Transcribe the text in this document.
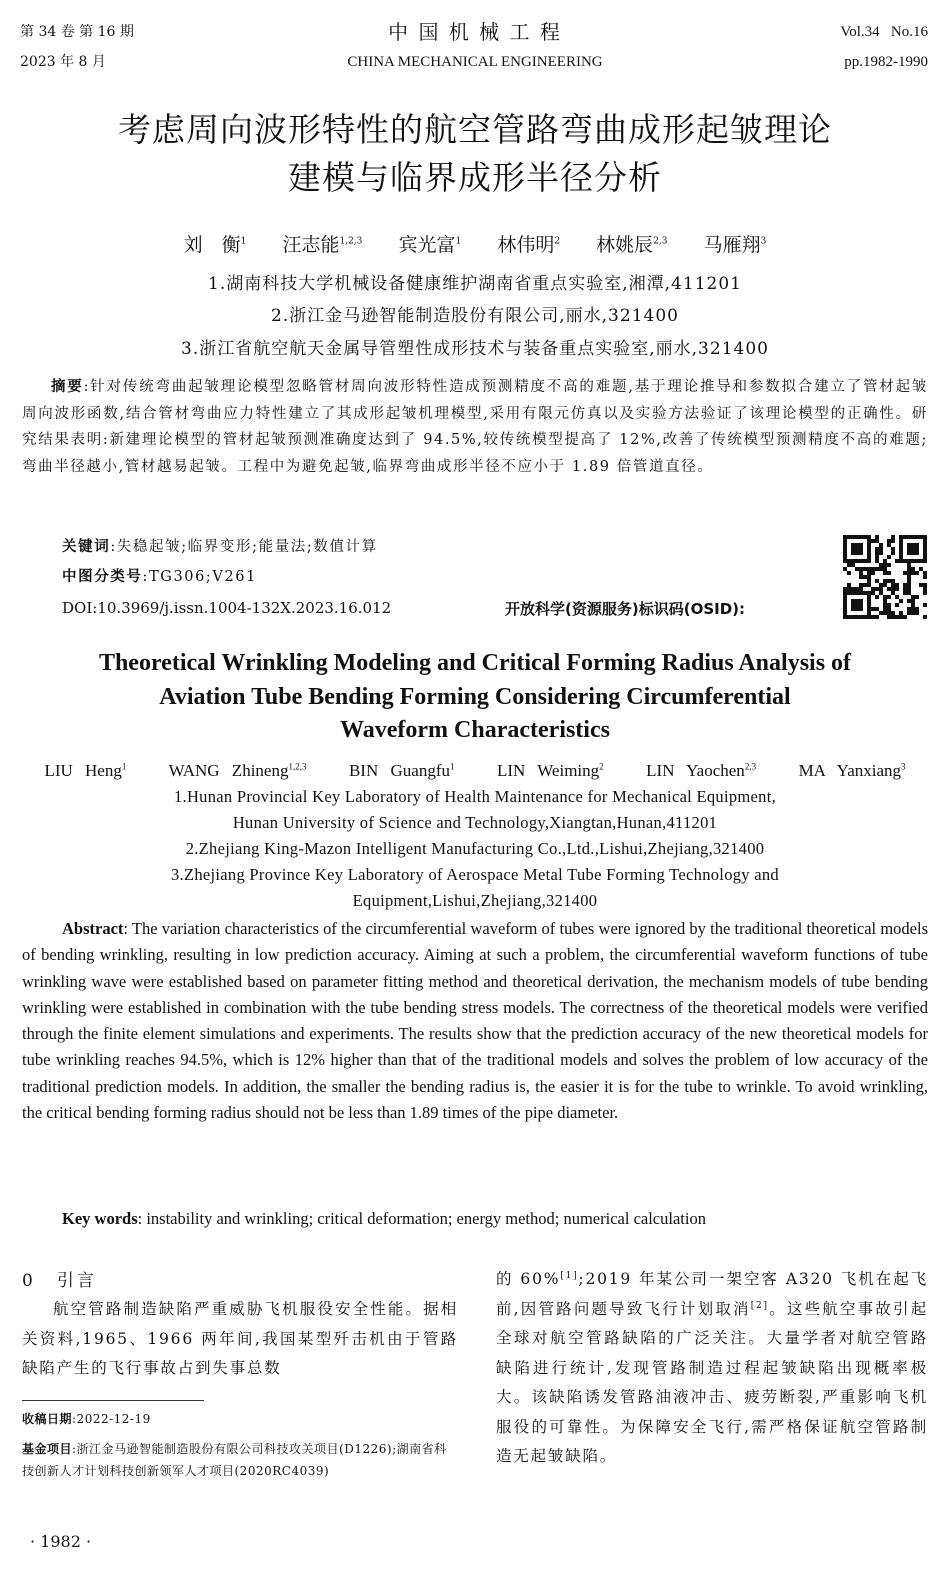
第 34 卷 第 16 期
2023 年 8 月
中 国 机 械 工 程
CHINA MECHANICAL ENGINEERING
Vol.34   No.16
pp.1982-1990
考虑周向波形特性的航空管路弯曲成形起皱理论
建模与临界成形半径分析
刘　衡$^1$ 汪志能$^{1,2,3}$ 宾光富$^1$ 林伟明$^2$ 林姚辰$^{2,3}$ 马雁翔$^3$
1.湖南科技大学机械设备健康维护湖南省重点实验室,湘潭,411201
2.浙江金马逊智能制造股份有限公司,丽水,321400
3.浙江省航空航天金属导管塑性成形技术与装备重点实验室,丽水,321400
摘要:针对传统弯曲起皱理论模型忽略管材周向波形特性造成预测精度不高的难题,基于理论推导和参数拟合建立了管材起皱周向波形函数,结合管材弯曲应力特性建立了其成形起皱机理模型,采用有限元仿真以及实验方法验证了该理论模型的正确性。研究结果表明:新建理论模型的管材起皱预测准确度达到了 94.5%,较传统模型提高了 12%,改善了传统模型预测精度不高的难题;弯曲半径越小,管材越易起皱。工程中为避免起皱,临界弯曲成形半径不应小于 1.89 倍管道直径。
关键词:失稳起皱;临界变形;能量法;数值计算
中图分类号:TG306;V261
DOI:10.3969/j.issn.1004-132X.2023.16.012	开放科学(资源服务)标识码(OSID):
Theoretical Wrinkling Modeling and Critical Forming Radius Analysis of
Aviation Tube Bending Forming Considering Circumferential
Waveform Characteristics
LIU Heng$^1$ WANG Zhineng$^{1,2,3}$	BIN Guangfu$^1$	LIN Weiming$^2$	LIN Yaochen$^{2,3}$	MA Yanxiang$^3$
1.Hunan Provincial Key Laboratory of Health Maintenance for Mechanical Equipment,
Hunan University of Science and Technology,Xiangtan,Hunan,411201
2.Zhejiang King-Mazon Intelligent Manufacturing Co.,Ltd.,Lishui,Zhejiang,321400
3.Zhejiang Province Key Laboratory of Aerospace Metal Tube Forming Technology and
Equipment,Lishui,Zhejiang,321400
Abstract: The variation characteristics of the circumferential waveform of tubes were ignored by the traditional theoretical models of bending wrinkling, resulting in low prediction accuracy. Aiming at such a problem, the circumferential waveform functions of tube wrinkling wave were established based on parameter fitting method and theoretical derivation, the mechanism models of tube bending wrinkling were established in combination with the tube bending stress models. The correctness of the theoretical models were verified through the finite element simulations and experiments. The results show that the prediction accuracy of the new theoretical models for tube wrinkling reaches 94.5%, which is 12% higher than that of the traditional models and solves the problem of low accuracy of the traditional prediction models. In addition, the smaller the bending radius is, the easier it is for the tube to wrinkle. To avoid wrinkling, the critical bending forming radius should not be less than 1.89 times of the pipe diameter.
Key words: instability and wrinkling; critical deformation; energy method; numerical calculation
0 引言
航空管路制造缺陷严重威胁飞机服役安全性能。据相关资料,1965、1966 两年间,我国某型歼击机由于管路缺陷产生的飞行事故占到失事总数
收稿日期:2022-12-19
基金项目:浙江金马逊智能制造股份有限公司科技攻关项目(D1226);湖南省科技创新人才计划科技创新领军人才项目(2020RC4039)
的 60%[1];2019 年某公司一架空客 A320 飞机在起飞前,因管路问题导致飞行计划取消[2]。这些航空事故引起全球对航空管路缺陷的广泛关注。大量学者对航空管路缺陷进行统计,发现管路制造过程起皱缺陷出现概率极大。该缺陷诱发管路油液冲击、疲劳断裂,严重影响飞机服役的可靠性。为保障安全飞行,需严格保证航空管路制造无起皱缺陷。
· 1982 ·
